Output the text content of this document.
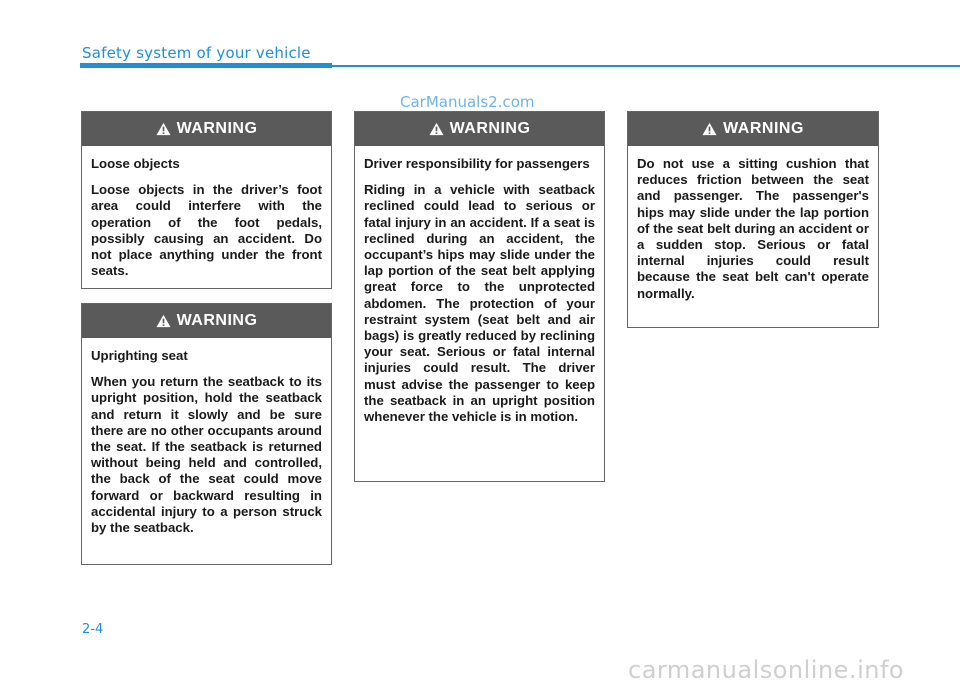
Safety system of your vehicle
CarManuals2.com
WARNING

Loose objects

Loose objects in the driver’s foot area could interfere with the operation of the foot pedals, possibly causing an accident. Do not place anything under the front seats.

WARNING

Uprighting seat

When you return the seatback to its upright position, hold the seatback and return it slowly and be sure there are no other occupants around the seat. If the seatback is returned without being held and controlled, the back of the seat could move forward or backward resulting in accidental injury to a person struck by the seatback.

WARNING

Driver responsibility for passengers

Riding in a vehicle with seatback reclined could lead to serious or fatal injury in an accident. If a seat is reclined during an accident, the occupant’s hips may slide under the lap portion of the seat belt applying great force to the unprotected abdomen. The protection of your restraint system (seat belt and air bags) is greatly reduced by reclining your seat. Serious or fatal internal injuries could result. The driver must advise the passenger to keep the seatback in an upright position whenever the vehicle is in motion.

WARNING

Do not use a sitting cushion that reduces friction between the seat and passenger. The passenger's hips may slide under the lap portion of the seat belt during an accident or a sudden stop. Serious or fatal internal injuries could result because the seat belt can't operate normally.

2-4
carmanualsonline.info
